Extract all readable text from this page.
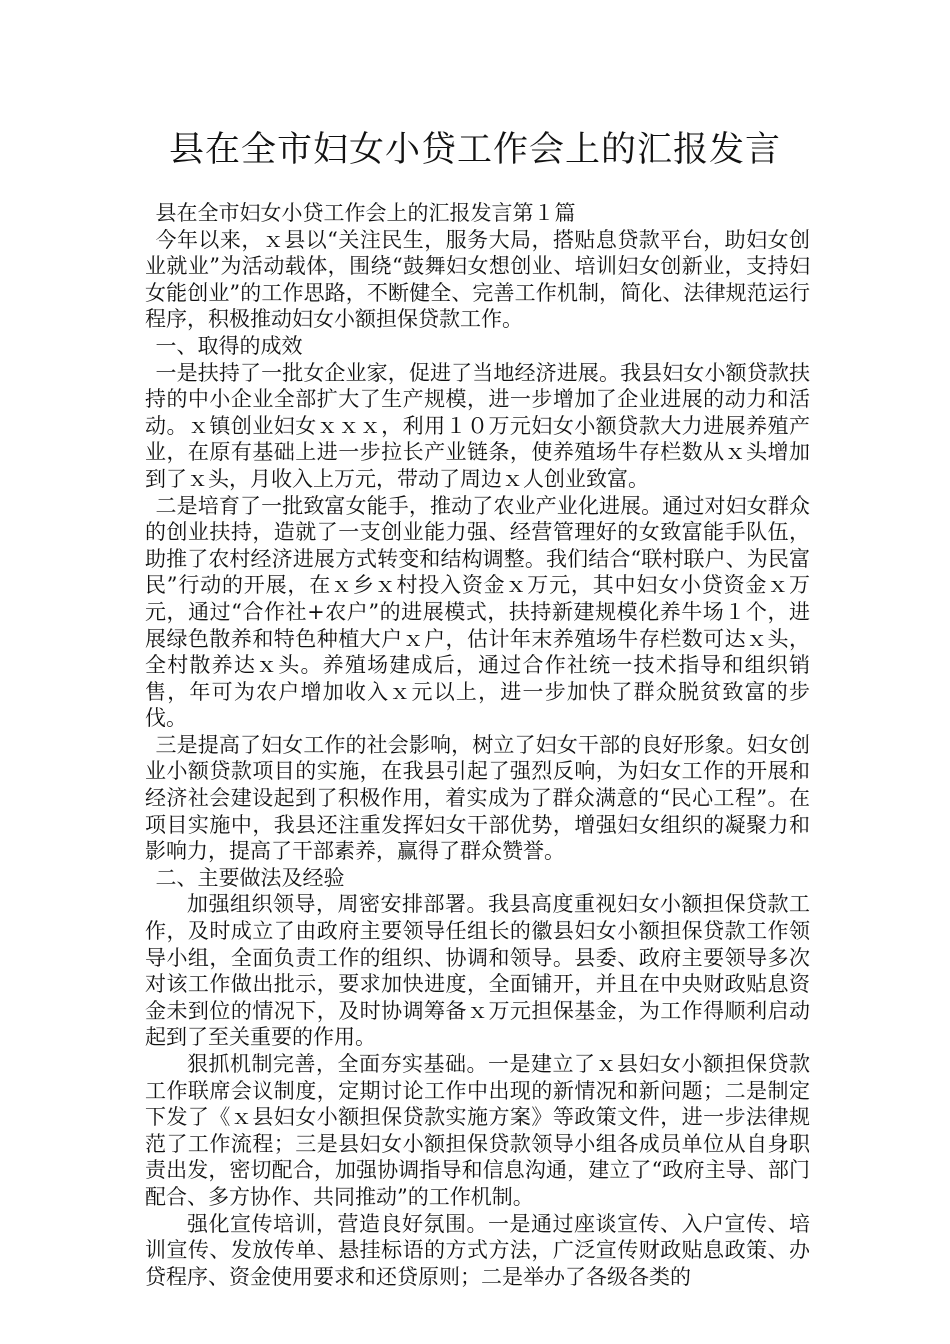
县在全市妇女小贷工作会上的汇报发言

县在全市妇女小贷工作会上的汇报发言第１篇

今年以来，ｘ县以“关注民生，服务大局，搭贴息贷款平台，助妇女创业就业”为活动载体，围绕“鼓舞妇女想创业、培训妇女创新业，支持妇女能创业”的工作思路，不断健全、完善工作机制，简化、法律规范运行程序，积极推动妇女小额担保贷款工作。

一、取得的成效

一是扶持了一批女企业家，促进了当地经济进展。我县妇女小额贷款扶持的中小企业全部扩大了生产规模，进一步增加了企业进展的动力和活动。ｘ镇创业妇女ｘｘｘ，利用１０万元妇女小额贷款大力进展养殖产业，在原有基础上进一步拉长产业链条，使养殖场牛存栏数从ｘ头增加到了ｘ头，月收入上万元，带动了周边ｘ人创业致富。

二是培育了一批致富女能手，推动了农业产业化进展。通过对妇女群众的创业扶持，造就了一支创业能力强、经营管理好的女致富能手队伍，助推了农村经济进展方式转变和结构调整。我们结合“联村联户、为民富民”行动的开展，在ｘ乡ｘ村投入资金ｘ万元，其中妇女小贷资金ｘ万元，通过“合作社+农户”的进展模式，扶持新建规模化养牛场１个，进展绿色散养和特色种植大户ｘ户，估计年末养殖场牛存栏数可达ｘ头，全村散养达ｘ头。养殖场建成后，通过合作社统一技术指导和组织销售，年可为农户增加收入ｘ元以上，进一步加快了群众脱贫致富的步伐。

三是提高了妇女工作的社会影响，树立了妇女干部的良好形象。妇女创业小额贷款项目的实施，在我县引起了强烈反响，为妇女工作的开展和经济社会建设起到了积极作用，着实成为了群众满意的“民心工程”。在项目实施中，我县还注重发挥妇女干部优势，增强妇女组织的凝聚力和影响力，提高了干部素养，赢得了群众赞誉。

二、主要做法及经验

加强组织领导，周密安排部署。我县高度重视妇女小额担保贷款工作，及时成立了由政府主要领导任组长的徽县妇女小额担保贷款工作领导小组，全面负责工作的组织、协调和领导。县委、政府主要领导多次对该工作做出批示，要求加快进度，全面铺开，并且在中央财政贴息资金未到位的情况下，及时协调筹备ｘ万元担保基金，为工作得顺利启动起到了至关重要的作用。

狠抓机制完善，全面夯实基础。一是建立了ｘ县妇女小额担保贷款工作联席会议制度，定期讨论工作中出现的新情况和新问题；二是制定下发了《ｘ县妇女小额担保贷款实施方案》等政策文件，进一步法律规范了工作流程；三是县妇女小额担保贷款领导小组各成员单位从自身职责出发，密切配合，加强协调指导和信息沟通，建立了“政府主导、部门配合、多方协作、共同推动”的工作机制。

强化宣传培训，营造良好氛围。一是通过座谈宣传、入户宣传、培训宣传、发放传单、悬挂标语的方式方法，广泛宣传财政贴息政策、办贷程序、资金使用要求和还贷原则；二是举办了各级各类的
